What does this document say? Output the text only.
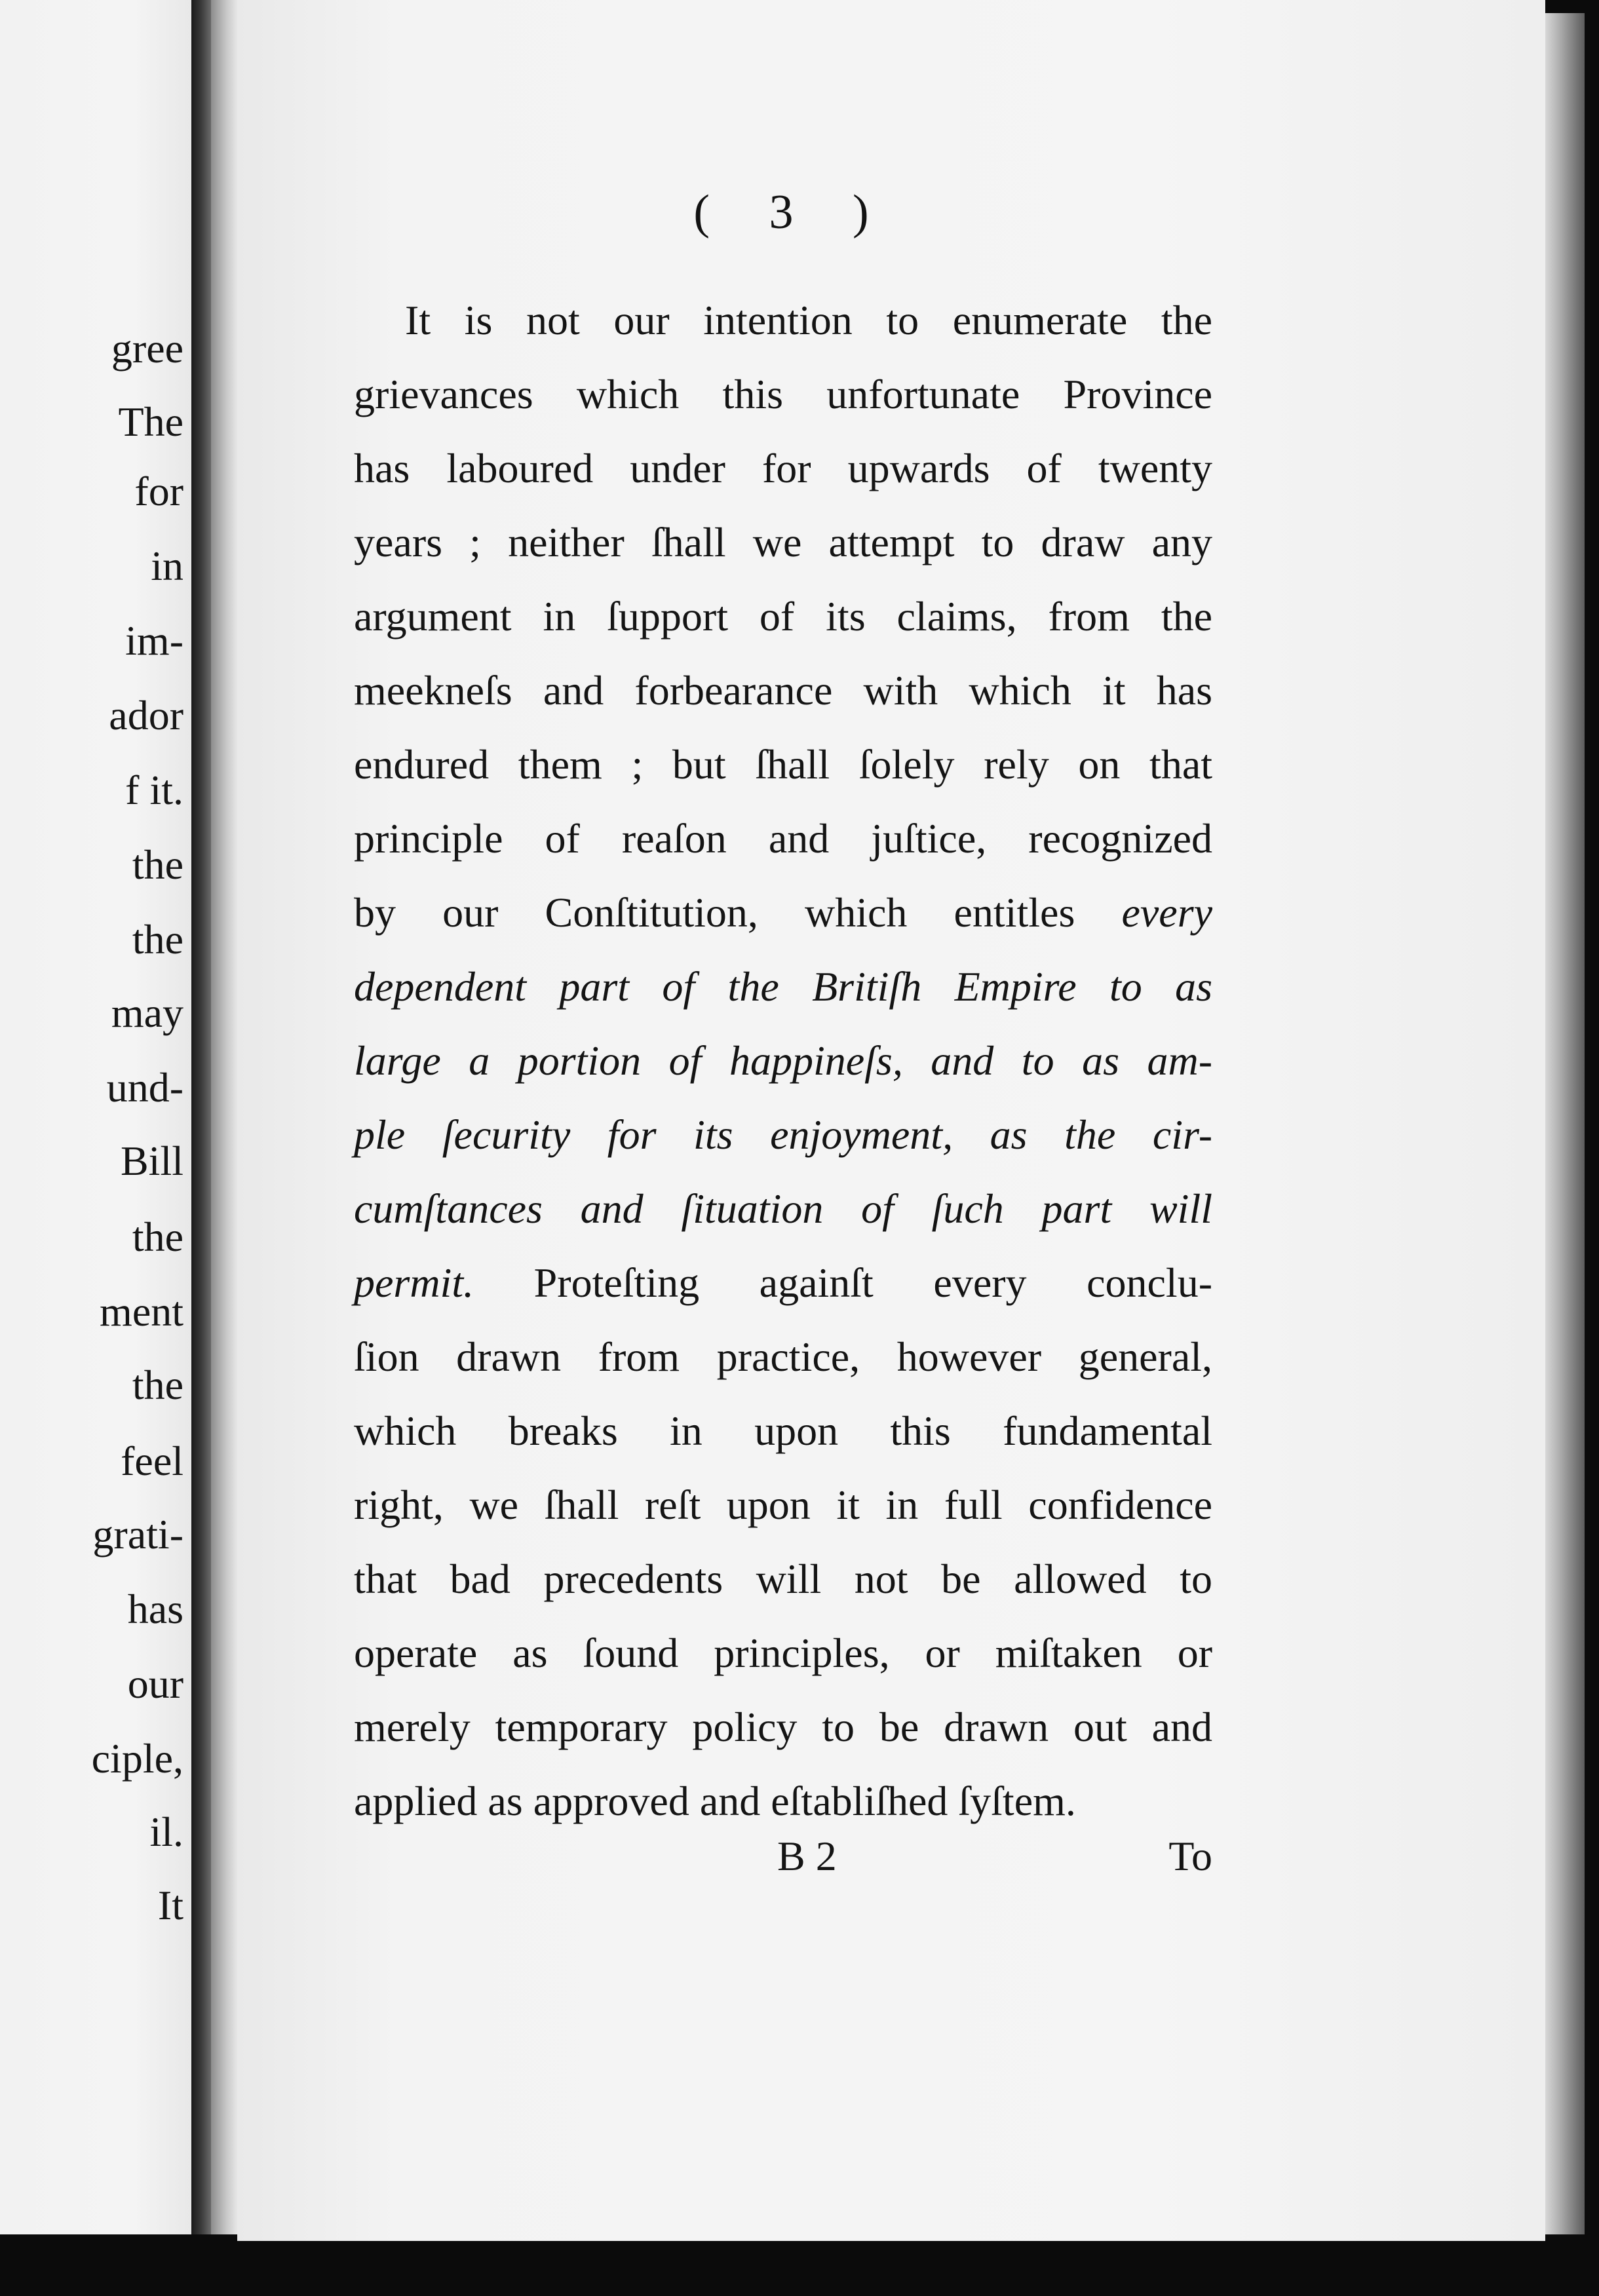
gree
The
for
in
im-
ador
f it.
the
the
may
und-
Bill
the
ment
the
feel
grati-
has
our
ciple,
il.
It
( 3 )
It is not our intention to enumerate the
grievances which this unfortunate Province
has laboured under for upwards of twenty
years ; neither ſhall we attempt to draw any
argument in ſupport of its claims, from the
meekneſs and forbearance with which it has
endured them ; but ſhall ſolely rely on that
principle of reaſon and juſtice, recognized
by our Conſtitution, which entitles every
dependent part of the Britiſh Empire to as
large a portion of happineſs, and to as am-
ple ſecurity for its enjoyment, as the cir-
cumſtances and ſituation of ſuch part will
permit. Proteſting againſt every conclu-
ſion drawn from practice, however general,
which breaks in upon this fundamental
right, we ſhall reſt upon it in full confidence
that bad precedents will not be allowed to
operate as ſound principles, or miſtaken or
merely temporary policy to be drawn out and
applied as approved and eſtabliſhed ſyſtem.
B 2	To
